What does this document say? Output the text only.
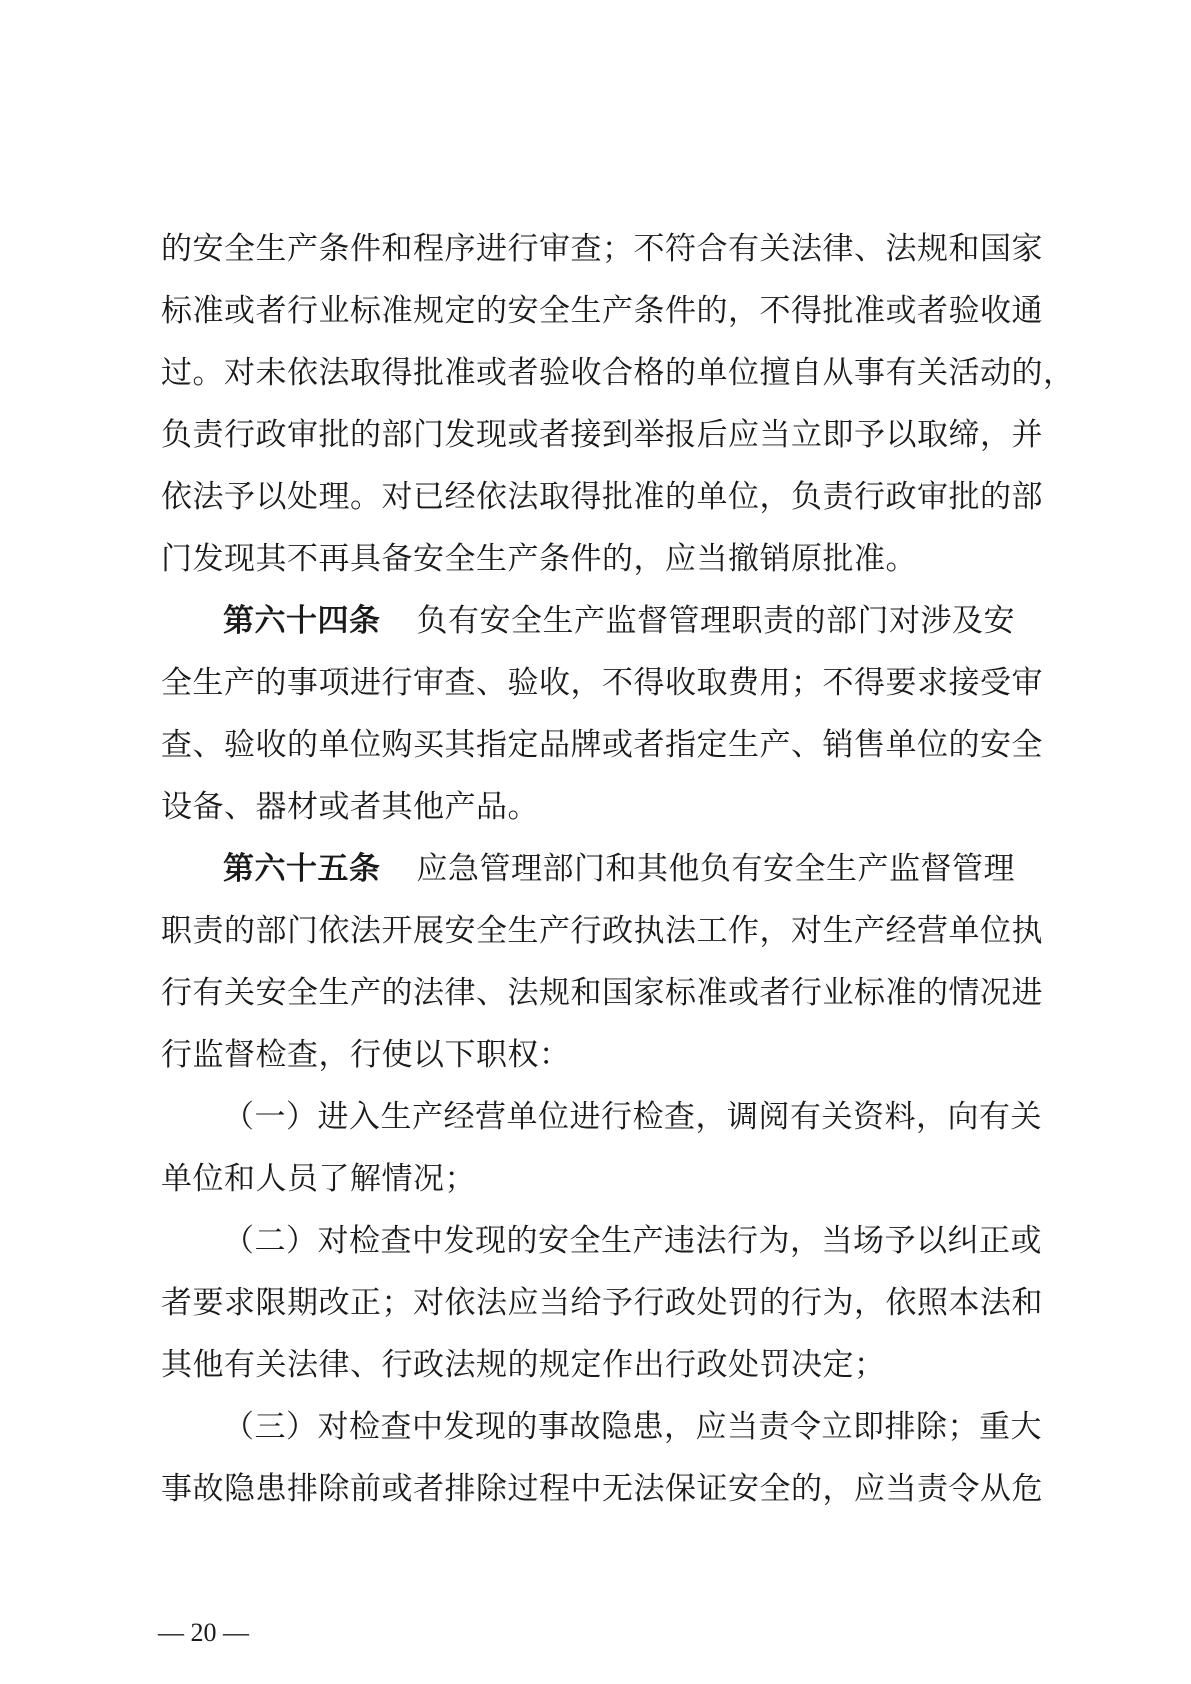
的安全生产条件和程序进行审查；不符合有关法律、法规和国家
标准或者行业标准规定的安全生产条件的，不得批准或者验收通
过。对未依法取得批准或者验收合格的单位擅自从事有关活动的，
负责行政审批的部门发现或者接到举报后应当立即予以取缔，并
依法予以处理。对已经依法取得批准的单位，负责行政审批的部
门发现其不再具备安全生产条件的，应当撤销原批准。
第六十四条 负有安全生产监督管理职责的部门对涉及安
全生产的事项进行审查、验收，不得收取费用；不得要求接受审
查、验收的单位购买其指定品牌或者指定生产、销售单位的安全
设备、器材或者其他产品。
第六十五条 应急管理部门和其他负有安全生产监督管理
职责的部门依法开展安全生产行政执法工作，对生产经营单位执
行有关安全生产的法律、法规和国家标准或者行业标准的情况进
行监督检查，行使以下职权：
（一）进入生产经营单位进行检查，调阅有关资料，向有关
单位和人员了解情况；
（二）对检查中发现的安全生产违法行为，当场予以纠正或
者要求限期改正；对依法应当给予行政处罚的行为，依照本法和
其他有关法律、行政法规的规定作出行政处罚决定；
（三）对检查中发现的事故隐患，应当责令立即排除；重大
事故隐患排除前或者排除过程中无法保证安全的，应当责令从危
— 20 —
